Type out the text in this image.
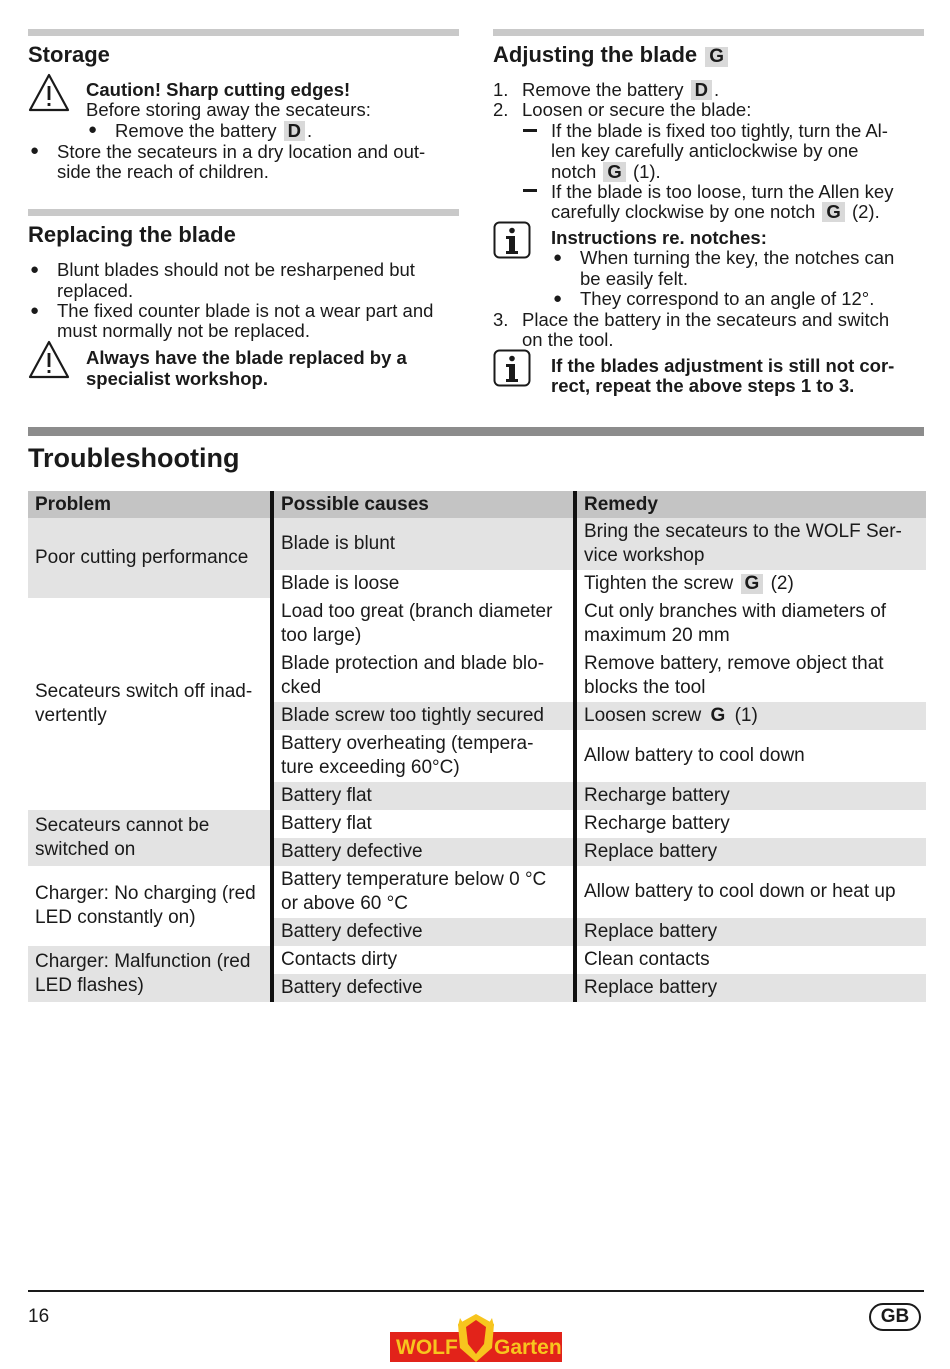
Storage
Caution! Sharp cutting edges!
Before storing away the secateurs:
●
Remove the battery D .
●
Store the secateurs in a dry location and out-
side the reach of children.
Replacing the blade
●
Blunt blades should not be resharpened but
replaced.
●
The fixed counter blade is not a wear part and
must normally not be replaced.
Always have the blade replaced by a
specialist workshop.
Adjusting the blade G
1. Remove the battery D .
2. Loosen or secure the blade:
If the blade is fixed too tightly, turn the Al-
len key carefully anticlockwise by one
notch G (1).
If the blade is too loose, turn the Allen key
carefully clockwise by one notch G (2).
Instructions re. notches:
●
When turning the key, the notches can
be easily felt.
●
They correspond to an angle of 12°.
3. Place the battery in the secateurs and switch
on the tool.
If the blades adjustment is still not cor-
rect, repeat the above steps 1 to 3.
Troubleshooting
Problem	Possible causes	Remedy
Poor cutting performance	Blade is blunt	Bring the secateurs to the WOLF Ser-vice workshop
	Blade is loose	Tighten the screw G (2)
Secateurs switch off inad-vertently	Load too great (branch diameter too large)	Cut only branches with diameters of maximum 20 mm
	Blade protection and blade blo-cked	Remove battery, remove object that blocks the tool
	Blade screw too tightly secured	Loosen screw G (1)
	Battery overheating (tempera-ture exceeding 60°C)	Allow battery to cool down
	Battery flat	Recharge battery
Secateurs cannot be switched on	Battery flat	Recharge battery
	Battery defective	Replace battery
Charger: No charging (red LED constantly on)	Battery temperature below 0 °C or above 60 °C	Allow battery to cool down or heat up
	Battery defective	Replace battery
Charger: Malfunction (red LED flashes)	Contacts dirty	Clean contacts
	Battery defective	Replace battery
16	GB
WOLF Garten
